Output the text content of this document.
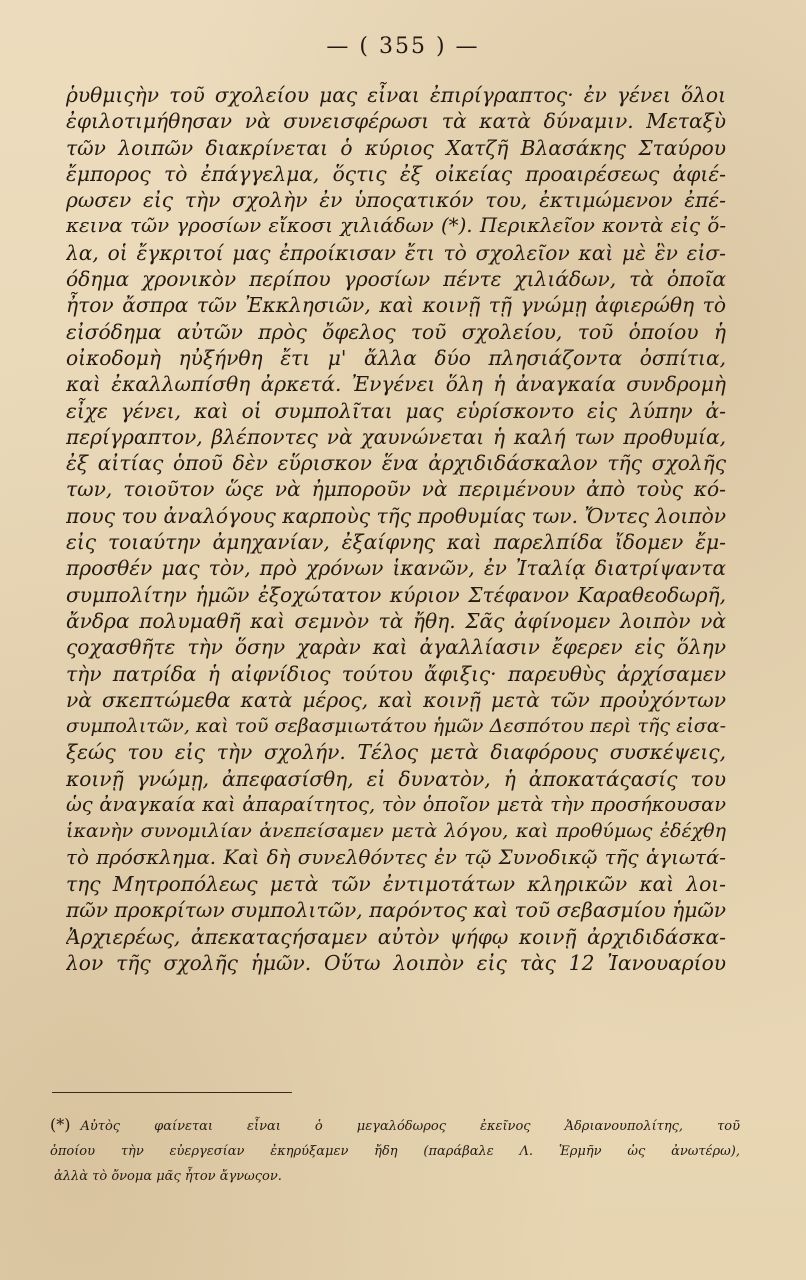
— ( 355 ) —
ῥυθμιςὴν τοῦ σχολείου μας εἶναι ἐπιρίγραπτος· ἐν γένει ὅλοι
ἐφιλοτιμήθησαν νὰ συνεισφέρωσι τὰ κατὰ δύναμιν. Μεταξὺ
τῶν λοιπῶν διακρίνεται ὁ κύριος Χατζῆ Βλασάκης Σταύρου
ἔμπορος τὸ ἐπάγγελμα, ὅςτις ἐξ οἰκείας προαιρέσεως ἀφιέ-
ρωσεν εἰς τὴν σχολὴν ἐν ὑποςατικόν του, ἐκτιμώμενον ἐπέ-
κεινα τῶν γροσίων εἴκοσι χιλιάδων (*). Περικλεῖον κοντὰ εἰς ὅ-
λα, οἱ ἔγκριτοί μας ἐπροίκισαν ἔτι τὸ σχολεῖον καὶ μὲ ἓν εἰσ-
όδημα χρονικὸν περίπου γροσίων πέντε χιλιάδων, τὰ ὁποῖα
ἦτον ἄσπρα τῶν Ἐκκλησιῶν, καὶ κοινῇ τῇ γνώμῃ ἀφιερώθη τὸ
εἰσόδημα αὐτῶν πρὸς ὄφελος τοῦ σχολείου, τοῦ ὁποίου ἡ
οἰκοδομὴ ηὐξήνθη ἔτι μ' ἄλλα δύο πλησιάζοντα ὀσπίτια,
καὶ ἐκαλλωπίσθη ἀρκετά. Ἐνγένει ὅλη ἡ ἀναγκαία συνδρομὴ
εἶχε γένει, καὶ οἱ συμπολῖται μας εὑρίσκοντο εἰς λύπην ἀ-
περίγραπτον, βλέποντες νὰ χαυνώνεται ἡ καλή των προθυμία,
ἐξ αἰτίας ὁποῦ δὲν εὕρισκον ἕνα ἀρχιδιδάσκαλον τῆς σχολῆς
των, τοιοῦτον ὥςε νὰ ἠμποροῦν νὰ περιμένουν ἀπὸ τοὺς κό-
πους του ἀναλόγους καρποὺς τῆς προθυμίας των. Ὄντες λοιπὸν
εἰς τοιαύτην ἀμηχανίαν, ἐξαίφνης καὶ παρελπίδα ἴδομεν ἔμ-
προσθέν μας τὸν, πρὸ χρόνων ἱκανῶν, ἐν Ἰταλίᾳ διατρίψαντα
συμπολίτην ἡμῶν ἐξοχώτατον κύριον Στέφανον Καραθεοδωρῆ,
ἄνδρα πολυμαθῆ καὶ σεμνὸν τὰ ἤθη. Σᾶς ἀφίνομεν λοιπὸν νὰ
ςοχασθῆτε τὴν ὅσην χαρὰν καὶ ἀγαλλίασιν ἔφερεν εἰς ὅλην
τὴν πατρίδα ἡ αἰφνίδιος τούτου ἄφιξις· παρευθὺς ἀρχίσαμεν
νὰ σκεπτώμεθα κατὰ μέρος, καὶ κοινῇ μετὰ τῶν προὐχόντων
συμπολιτῶν, καὶ τοῦ σεβασμιωτάτου ἡμῶν Δεσπότου περὶ τῆς εἰσα-
ξεώς του εἰς τὴν σχολήν. Τέλος μετὰ διαφόρους συσκέψεις,
κοινῇ γνώμῃ, ἀπεφασίσθη, εἰ δυνατὸν, ἡ ἀποκατάςασίς του
ὡς ἀναγκαία καὶ ἀπαραίτητος, τὸν ὁποῖον μετὰ τὴν προσήκουσαν
ἱκανὴν συνομιλίαν ἀνεπείσαμεν μετὰ λόγου, καὶ προθύμως ἐδέχθη
τὸ πρόσκλημα. Καὶ δὴ συνελθόντες ἐν τῷ Συνοδικῷ τῆς ἁγιωτά-
της Μητροπόλεως μετὰ τῶν ἐντιμοτάτων κληρικῶν καὶ λοι-
πῶν προκρίτων συμπολιτῶν, παρόντος καὶ τοῦ σεβασμίου ἡμῶν
Ἀρχιερέως, ἀπεκαταςήσαμεν αὐτὸν ψήφῳ κοινῇ ἀρχιδιδάσκα-
λον τῆς σχολῆς ἡμῶν. Οὕτω λοιπὸν εἰς τὰς 12 Ἰανουαρίου
(*) Αὐτὸς φαίνεται εἶναι ὁ μεγαλόδωρος ἐκεῖνος Ἀδριανουπολίτης, τοῦ
ὁποίου τὴν εὐεργεσίαν ἐκηρύξαμεν ἤδη (παράβαλε Λ. Ἑρμῆν ὡς ἀνωτέρω),
ἀλλὰ τὸ ὄνομα μᾶς ἦτον ἄγνωςον.
